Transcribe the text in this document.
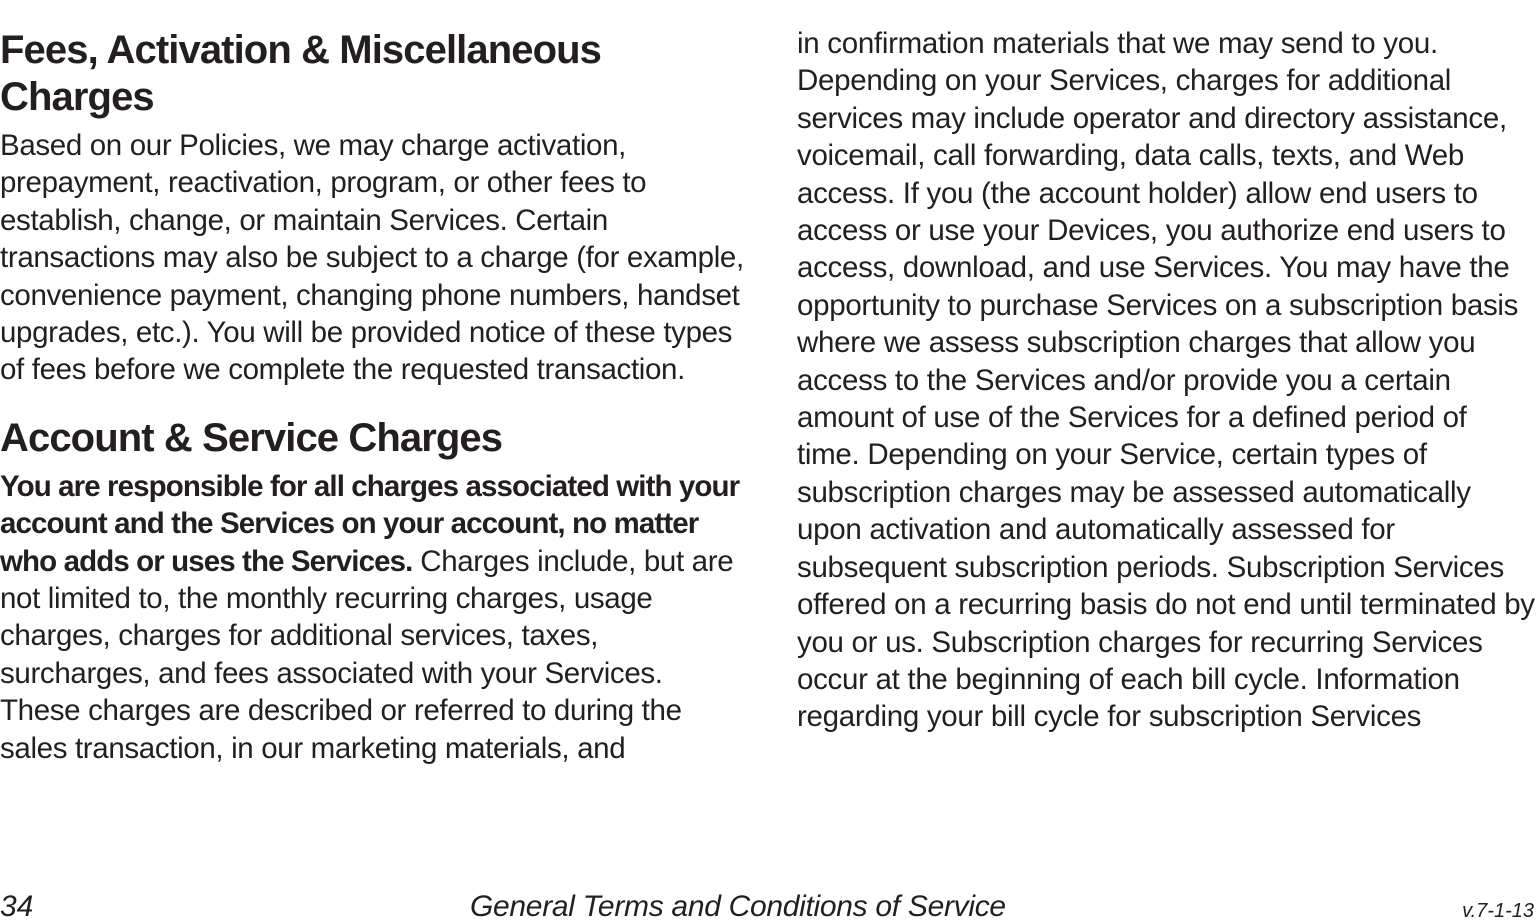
Fees, Activation & Miscellaneous Charges

Based on our Policies, we may charge activation, prepayment, reactivation, program, or other fees to establish, change, or maintain Services. Certain transactions may also be subject to a charge (for example, convenience payment, changing phone numbers, handset upgrades, etc.). You will be provided notice of these types of fees before we complete the requested transaction.

Account & Service Charges

You are responsible for all charges associated with your account and the Services on your account, no matter who adds or uses the Services. Charges include, but are not limited to, the monthly recurring charges, usage charges, charges for additional services, taxes, surcharges, and fees associated with your Services. These charges are described or referred to during the sales transaction, in our marketing materials, and

in confirmation materials that we may send to you. Depending on your Services, charges for additional services may include operator and directory assistance, voicemail, call forwarding, data calls, texts, and Web access. If you (the account holder) allow end users to access or use your Devices, you authorize end users to access, download, and use Services. You may have the opportunity to purchase Services on a subscription basis where we assess subscription charges that allow you access to the Services and/or provide you a certain amount of use of the Services for a defined period of time. Depending on your Service, certain types of subscription charges may be assessed automatically upon activation and automatically assessed for subsequent subscription periods. Subscription Services offered on a recurring basis do not end until terminated by you or us. Subscription charges for recurring Services occur at the beginning of each bill cycle. Information regarding your bill cycle for subscription Services

34	General Terms and Conditions of Service	v.7-1-13
